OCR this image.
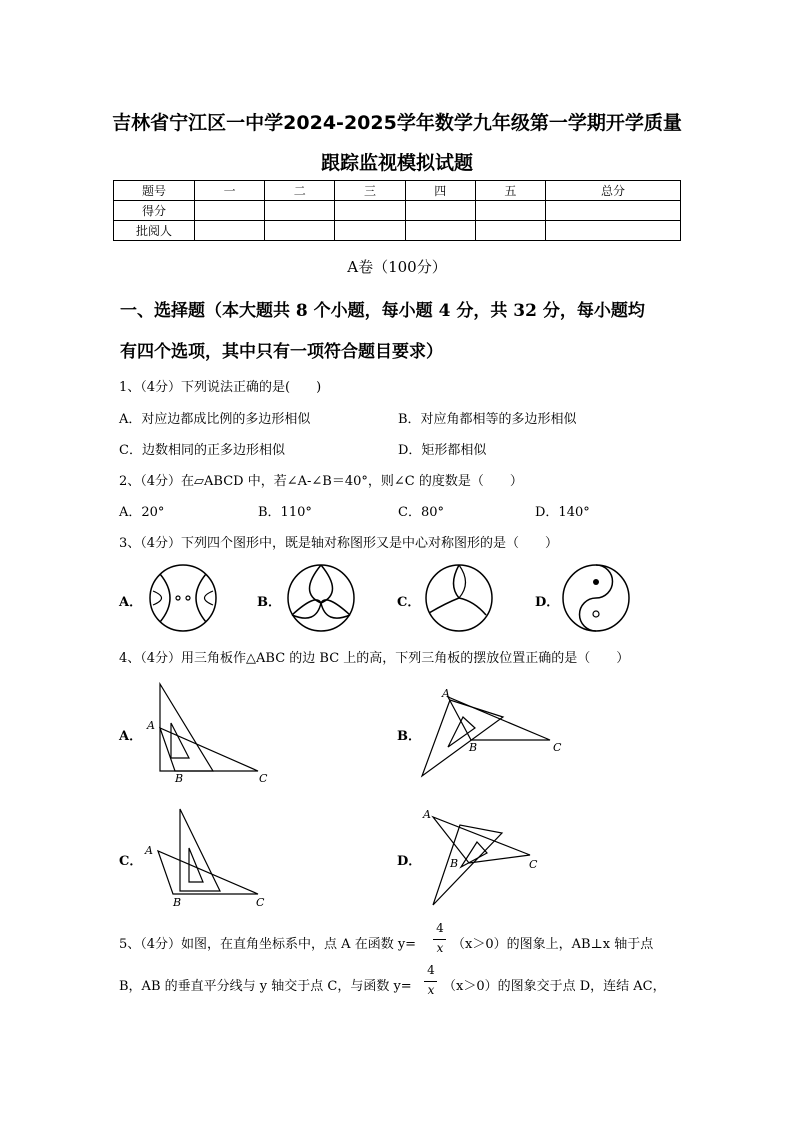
吉林省宁江区一中学2024-2025学年数学九年级第一学期开学质量
跟踪监视模拟试题
题号	一	二	三	四	五	总分
得分						
批阅人						
A卷（100分）
一、选择题（本大题共 8 个小题，每小题 4 分，共 32 分，每小题均
有四个选项，其中只有一项符合题目要求）
1、（4分）下列说法正确的是(　　)
A．对应边都成比例的多边形相似	B．对应角都相等的多边形相似
C．边数相同的正多边形相似	D．矩形都相似
2、（4分）在▱ABCD 中，若∠A-∠B＝40°，则∠C 的度数是（　　）
A．20°	B．110°	C．80°	D．140°
3、（4分）下列四个图形中，既是轴对称图形又是中心对称图形的是（　　）
A．	B．	C．	D．
4、（4分）用三角板作△ABC 的边 BC 上的高，下列三角板的摆放位置正确的是（　　）
A．	B．
C．	D．
A
B	C
A
B	C
A
B	C
A
B	C
5、（4分）如图，在直角坐标系中，点 A 在函数 y=
4
x （x＞0）的图象上，AB⊥x 轴于点
B，AB 的垂直平分线与 y 轴交于点 C，与函数 y=
4
x （x＞0）的图象交于点 D，连结 AC，
